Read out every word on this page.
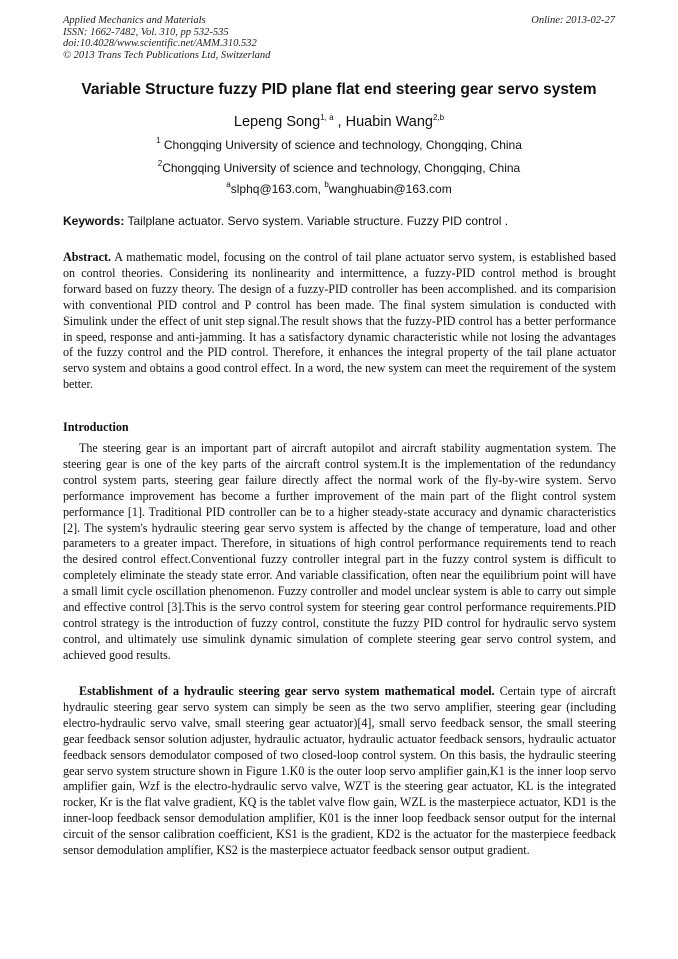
Applied Mechanics and Materials
ISSN: 1662-7482, Vol. 310, pp 532-535
doi:10.4028/www.scientific.net/AMM.310.532
© 2013 Trans Tech Publications Ltd, Switzerland
Online: 2013-02-27
Variable Structure fuzzy PID plane flat end steering gear servo system
Lepeng Song$^{1, a}$ , Huabin Wang$^{2,b}$
$^1$ Chongqing University of science and technology, Chongqing, China
$^2$Chongqing University of science and technology, Chongqing, China
$^a$slphq@163.com, $^b$wanghuabin@163.com
Keywords: Tailplane actuator. Servo system. Variable structure. Fuzzy PID control .
Abstract. A mathematic model, focusing on the control of tail plane actuator servo system, is established based on control theories. Considering its nonlinearity and intermittence, a fuzzy-PID control method is brought forward based on fuzzy theory. The design of a fuzzy-PID controller has been accomplished. and its comparision with conventional PID control and P control has been made. The final system simulation is conducted with Simulink under the effect of unit step signal.The result shows that the fuzzy-PID control has a better performance in speed, response and anti-jamming. It has a satisfactory dynamic characteristic while not losing the advantages of the fuzzy control and the PID control. Therefore, it enhances the integral property of the tail plane actuator servo system and obtains a good control effect. In a word, the new system can meet the requirement of the system better.
Introduction
The steering gear is an important part of aircraft autopilot and aircraft stability augmentation system. The steering gear is one of the key parts of the aircraft control system.It is the implementation of the redundancy control system parts, steering gear failure directly affect the normal work of the fly-by-wire system. Servo performance improvement has become a further improvement of the main part of the flight control system performance [1]. Traditional PID controller can be to a higher steady-state accuracy and dynamic characteristics [2]. The system's hydraulic steering gear servo system is affected by the change of temperature, load and other parameters to a greater impact. Therefore, in situations of high control performance requirements tend to reach the desired control effect.Conventional fuzzy controller integral part in the fuzzy control system is difficult to completely eliminate the steady state error. And variable classification, often near the equilibrium point will have a small limit cycle oscillation phenomenon. Fuzzy controller and model unclear system is able to carry out simple and effective control [3].This is the servo control system for steering gear control performance requirements.PID control strategy is the introduction of fuzzy control, constitute the fuzzy PID control for hydraulic servo system control, and ultimately use simulink dynamic simulation of complete steering gear servo control system, and achieved good results.
Establishment of a hydraulic steering gear servo system mathematical model. Certain type of aircraft hydraulic steering gear servo system can simply be seen as the two servo amplifier, steering gear (including electro-hydraulic servo valve, small steering gear actuator)[4], small servo feedback sensor, the small steering gear feedback sensor solution adjuster, hydraulic actuator, hydraulic actuator feedback sensors, hydraulic actuator feedback sensors demodulator composed of two closed-loop control system. On this basis, the hydraulic steering gear servo system structure shown in Figure 1.K0 is the outer loop servo amplifier gain,K1 is the inner loop servo amplifier gain, Wzf is the electro-hydraulic servo valve, WZT is the steering gear actuator, KL is the integrated rocker, Kr is the flat valve gradient, KQ is the tablet valve flow gain, WZL is the masterpiece actuator, KD1 is the inner-loop feedback sensor demodulation amplifier, K01 is the inner loop feedback sensor output for the internal circuit of the sensor calibration coefficient, KS1 is the gradient, KD2 is the actuator for the masterpiece feedback sensor demodulation amplifier, KS2 is the masterpiece actuator feedback sensor output gradient.
